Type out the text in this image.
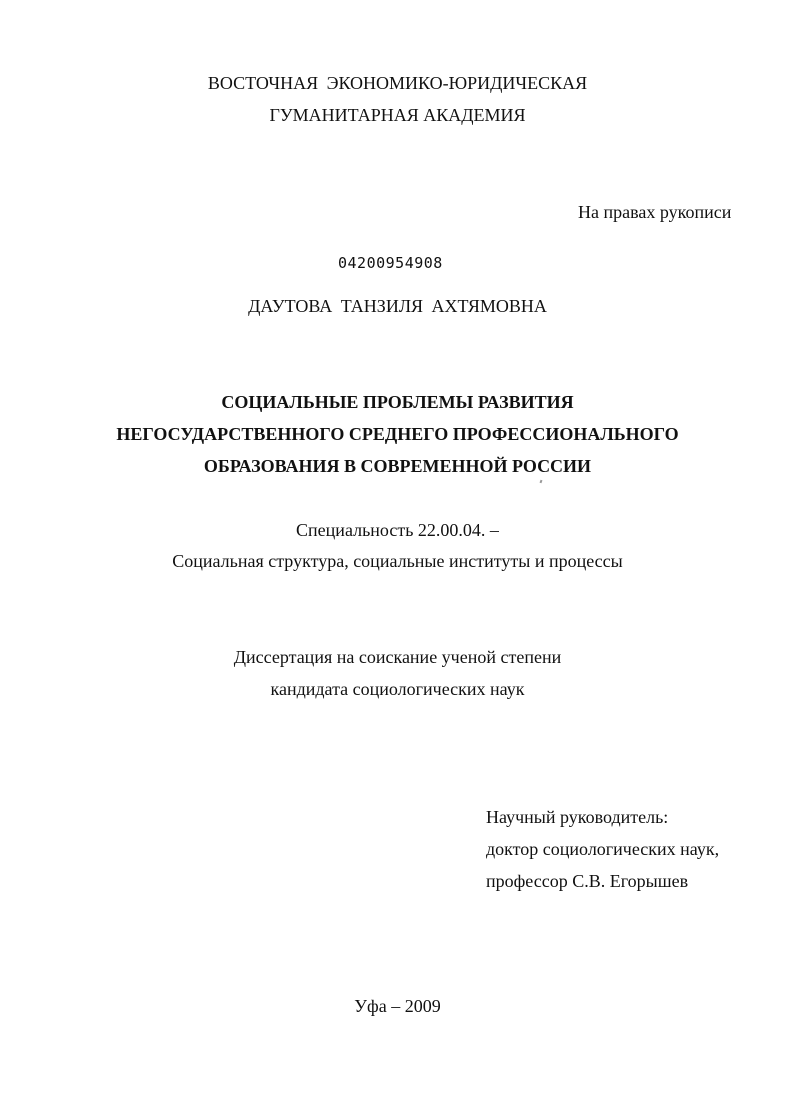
ВОСТОЧНАЯ ЭКОНОМИКО-ЮРИДИЧЕСКАЯ
ГУМАНИТАРНАЯ АКАДЕМИЯ
На правах рукописи
04200954908
ДАУТОВА ТАНЗИЛЯ АХТЯМОВНА
СОЦИАЛЬНЫЕ ПРОБЛЕМЫ РАЗВИТИЯ
НЕГОСУДАРСТВЕННОГО СРЕДНЕГО ПРОФЕССИОНАЛЬНОГО
ОБРАЗОВАНИЯ В СОВРЕМЕННОЙ РОССИИ
Специальность 22.00.04. –
Социальная структура, социальные институты и процессы
Диссертация на соискание ученой степени
кандидата социологических наук
Научный руководитель:
доктор социологических наук,
профессор С.В. Егорышев
Уфа – 2009
